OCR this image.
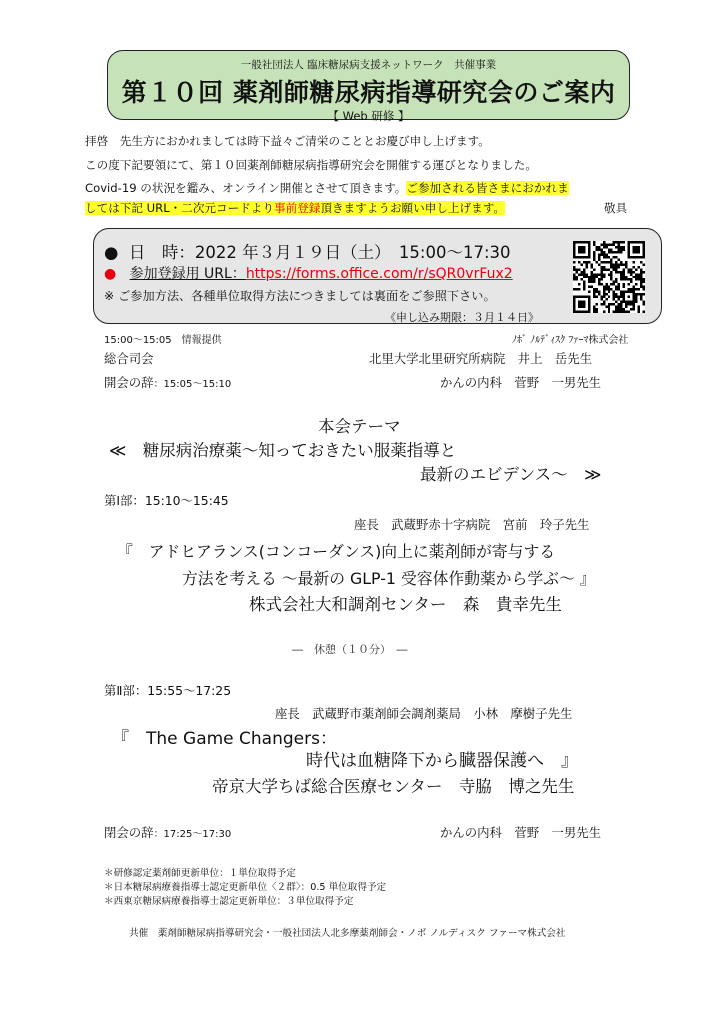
一般社団法人 臨床糖尿病支援ネットワーク　共催事業
第１０回 薬剤師糖尿病指導研究会のご案内
【 Web 研修 】
拝啓　先生方におかれましては時下益々ご清栄のこととお慶び申し上げます。
この度下記要領にて、第１０回薬剤師糖尿病指導研究会を開催する運びとなりました。
Covid-19 の状況を鑑み、オンライン開催とさせて頂きます。ご参加される皆さまにおかれま
しては下記 URL・二次元コードより事前登録頂きますようお願い申し上げます。	敬具
● 日　時：2022 年３月１９日（土）　15:00～17:30
● 参加登録用 URL：https://forms.office.com/r/sQR0vrFux2
※ ご参加方法、各種単位取得方法につきましては裏面をご参照下さい。
《申し込み期限：３月１４日》
15:00～15:05　情報提供	ﾉﾎﾞ ﾉﾙﾃﾞｨｽｸ ﾌｧｰﾏ株式会社
総合司会	北里大学北里研究所病院　井上　岳先生
開会の辞：15:05～15:10	かんの内科　菅野　一男先生
本会テーマ
≪　糖尿病治療薬～知っておきたい服薬指導と
最新のエビデンス～　≫
第Ⅰ部：15:10～15:45
座長　武蔵野赤十字病院　宮前　玲子先生
『　アドヒアランス(コンコーダンス)向上に薬剤師が寄与する
方法を考える ～最新の GLP-1 受容体作動薬から学ぶ～ 』
株式会社大和調剤センター　森　貴幸先生
―　休憩（１０分）　―
第Ⅱ部：15:55～17:25
座長　武蔵野市薬剤師会調剤薬局　小林　摩樹子先生
『　The Game Changers：
時代は血糖降下から臓器保護へ　』
帝京大学ちば総合医療センター　寺脇　博之先生
閉会の辞：17:25～17:30	かんの内科　菅野　一男先生
＊研修認定薬剤師更新単位：１単位取得予定
＊日本糖尿病療養指導士認定更新単位〈２群〉：0.5 単位取得予定
＊西東京糖尿病療養指導士認定更新単位：３単位取得予定
共催　薬剤師糖尿病指導研究会・一般社団法人北多摩薬剤師会・ノボ ノルディスク ファーマ株式会社
